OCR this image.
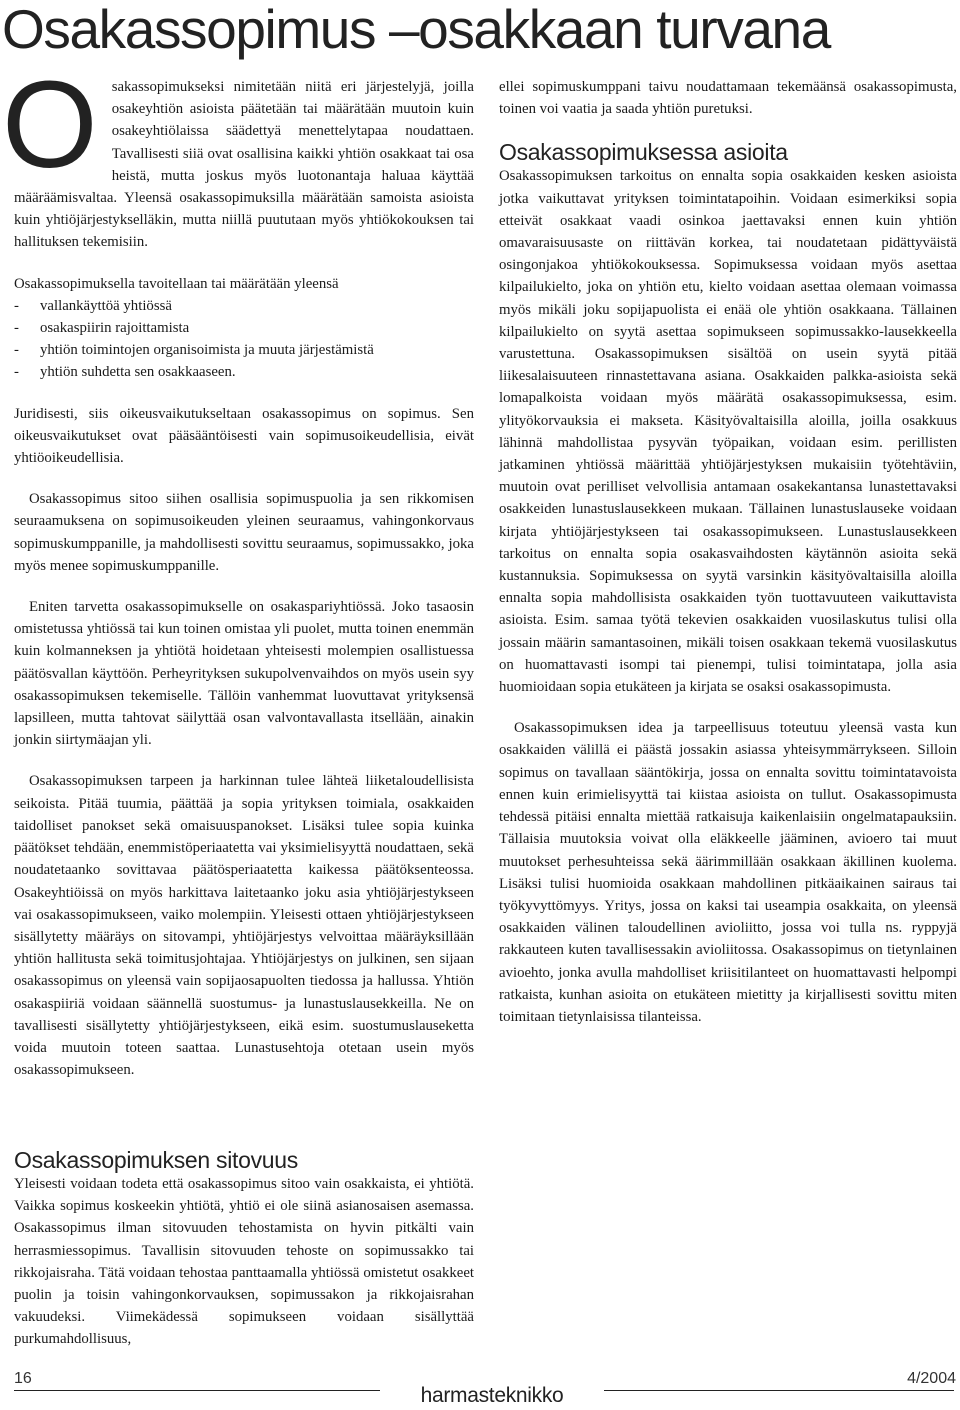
Osakassopimus –osakkaan turvana

Osakassopimukseksi nimitetään niitä eri järjestelyjä, joilla osakeyhtiön asioista päätetään tai määrätään muutoin kuin osakeyhtiölaissa säädettyä menettelytapaa noudattaen. Tavallisesti siiä ovat osallisina kaikki yhtiön osakkaat tai osa heistä, mutta joskus myös luotonantaja haluaa käyttää määräämisvaltaa. Yleensä osakassopimuksilla määrätään samoista asioista kuin yhtiöjärjestykselläkin, mutta niillä puututaan myös yhtiökokouksen tai hallituksen tekemisiin.

Osakassopimuksella tavoitellaan tai määrätään yleensä

-	vallankäyttöä yhtiössä
-	osakaspiirin rajoittamista
-	yhtiön toimintojen organisoimista ja muuta järjestämistä
-	yhtiön suhdetta sen osakkaaseen.

Juridisesti, siis oikeusvaikutukseltaan osakassopimus on sopimus. Sen oikeusvaikutukset ovat pääsääntöisesti vain sopimusoikeudellisia, eivät yhtiöoikeudellisia.

Osakassopimus sitoo siihen osallisia sopimuspuolia ja sen rikkomisen seuraamuksena on sopimusoikeuden yleinen seuraamus, vahingonkorvaus sopimuskumppanille, ja mahdollisesti sovittu seuraamus, sopimussakko, joka myös menee sopimuskumppanille.

Eniten tarvetta osakassopimukselle on osakaspariyhtiössä. Joko tasaosin omistetussa yhtiössä tai kun toinen omistaa yli puolet, mutta toinen enemmän kuin kolmanneksen ja yhtiötä hoidetaan yhteisesti molempien osallistuessa päätösvallan käyttöön. Perheyrityksen sukupolvenvaihdos on myös usein syy osakassopimuksen tekemiselle. Tällöin vanhemmat luovuttavat yrityksensä lapsilleen, mutta tahtovat säilyttää osan valvontavallasta itsellään, ainakin jonkin siirtymäajan yli.

Osakassopimuksen tarpeen ja harkinnan tulee lähteä liiketaloudellisista seikoista. Pitää tuumia, päättää ja sopia yrityksen toimiala, osakkaiden taidolliset panokset sekä omaisuuspanokset. Lisäksi tulee sopia kuinka päätökset tehdään, enemmistöperiaatetta vai yksimielisyyttä noudattaen, sekä noudatetaanko sovittavaa päätösperіaatetta kaikessa päätöksenteossa. Osakeyhtiöissä on myös harkittava laitetaanko joku asia yhtiöjärjestykseen vai osakassopimukseen, vaiko molempiin. Yleisesti ottaen yhtiöjärjestykseen sisällytetty määräys on sitovampi, yhtiöjärjestys velvoittaa määräyksillään yhtiön hallitusta sekä toimitusjohtajaa. Yhtiöjärjestys on julkinen, sen sijaan osakassopimus on yleensä vain sopijaosapuolten tiedossa ja hallussa. Yhtiön osakaspiiriä voidaan säännellä suostumus- ja lunastuslausekkeilla. Ne on tavallisesti sisällytetty yhtiöjärjestykseen, eikä esim. suostumuslauseketta voida muutoin toteen saattaa. Lunastusehtoja otetaan usein myös osakassopimukseen.

Osakassopimuksen sitovuus

Yleisesti voidaan todeta että osakassopimus sitoo vain osakkaista, ei yhtiötä. Vaikka sopimus koskeekin yhtiötä, yhtiö ei ole siinä asianosaisen asemassa. Osakassopimus ilman sitovuuden tehostamista on hyvin pitkälti vain herrasmiessopimus. Tavallisin sitovuuden tehoste on sopimussakko tai rikkojaisraha. Tätä voidaan tehostaa panttaamalla yhtiössä omistetut osakkeet puolin ja toisin vahingonkorvauksen, sopimussakon ja rikkojaisrahan vakuudeksi. Viimekädessä sopimukseen voidaan sisällyttää purkumahdollisuus,

ellei sopimuskumppani taivu noudattamaan tekemäänsä osakassopimusta, toinen voi vaatia ja saada yhtiön puretuksi.

Osakassopimuksessa asioita

Osakassopimuksen tarkoitus on ennalta sopia osakkaiden kesken asioista jotka vaikuttavat yrityksen toimintatapoihin. Voidaan esimerkiksi sopia etteivät osakkaat vaadi osinkoa jaettavaksi ennen kuin yhtiön omavaraisuusaste on riittävän korkea, tai noudatetaan pidättyväistä osingonjakoa yhtiökokouksessa. Sopimuksessa voidaan myös asettaa kilpailukielto, joka on yhtiön etu, kielto voidaan asettaa olemaan voimassa myös mikäli joku sopijapuolista ei enää ole yhtiön osakkaana. Tällainen kilpailukielto on syytä asettaa sopimukseen sopimussakko-lausekkeella varustettuna. Osakassopimuksen sisältöä on usein syytä pitää liikesalaisuuteen rinnastettavana asiana. Osakkaiden palkka-asioista sekä lomapalkoista voidaan myös määrätä osakassopimuksessa, esim. ylityökorvauksia ei makseta. Käsityövaltaisilla aloilla, joilla osakkuus lähinnä mahdollistaa pysyvän työpaikan, voidaan esim. perillisten jatkaminen yhtiössä määrittää yhtiöjärjestyksen mukaisiin työtehtäviin, muutoin ovat perilliset velvollisia antamaan osakekantansa lunastettavaksi osakkeiden lunastuslausekkeen mukaan. Tällainen lunastuslauseke voidaan kirjata yhtiöjärjestykseen tai osakassopimukseen. Lunastuslausekkeen tarkoitus on ennalta sopia osakasvaihdosten käytännön asioita sekä kustannuksia. Sopimuksessa on syytä varsinkin käsityövaltaisilla aloilla ennalta sopia mahdollisista osakkaiden työn tuottavuuteen vaikuttavista asioista. Esim. samaa työtä tekevien osakkaiden vuosilaskutus tulisi olla jossain määrin samantasoinen, mikäli toisen osakkaan tekemä vuosilaskutus on huomattavasti isompi tai pienempi, tulisi toimintatapa, jolla asia huomioidaan sopia etukäteen ja kirjata se osaksi osakassopimusta.

Osakassopimuksen idea ja tarpeellisuus toteutuu yleensä vasta kun osakkaiden välillä ei päästä jossakin asiassa yhteisymmärrykseen. Silloin sopimus on tavallaan sääntökirja, jossa on ennalta sovittu toimintatavoista ennen kuin erimielisyyttä tai kiistaa asioista on tullut. Osakassopimusta tehdessä pitäisi ennalta miettää ratkaisuja kaikenlaisiin ongelmatapauksiin. Tällaisia muutoksia voivat olla eläkkeelle jääminen, avioero tai muut muutokset perhesuhteissa sekä äärimmillään osakkaan äkillinen kuolema. Lisäksi tulisi huomioida osakkaan mahdollinen pitkäaikainen sairaus tai työkyvyttömyys. Yritys, jossa on kaksi tai useampia osakkaita, on yleensä osakkaiden välinen taloudellinen avioliitto, jossa voi tulla ns. ryppyjä rakkauteen kuten tavallisessakin avioliitossa. Osakassopimus on tietynlainen avioehto, jonka avulla mahdolliset kriisitilanteet on huomattavasti helpompi ratkaista, kunhan asioita on etukäteen mietitty ja kirjallisesti sovittu miten toimitaan tietynlaisissa tilanteissa.

16
harmasteknikko
4/2004
